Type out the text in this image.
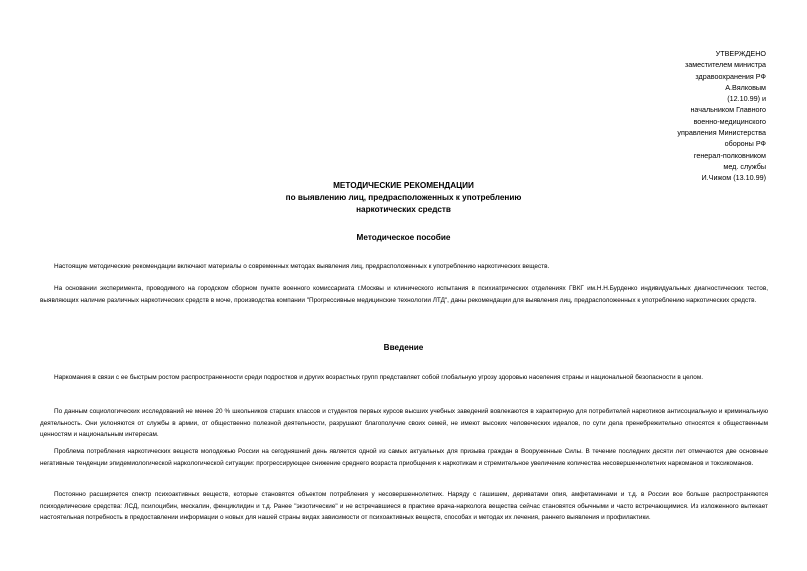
УТВЕРЖДЕНО
заместителем министра
здравоохранения РФ
А.Вялковым
(12.10.99) и
начальником Главного
военно-медицинского
управления Министерства
обороны РФ
генерал-полковником
мед. службы
И.Чижом (13.10.99)
МЕТОДИЧЕСКИЕ РЕКОМЕНДАЦИИ
по выявлению лиц, предрасположенных к употреблению
наркотических средств
Методическое пособие

Настоящие методические рекомендации включают материалы о современных методах выявления лиц, предрасположенных к употреблению наркотических веществ.

На основании эксперимента, проводимого на городском сборном пункте военного комиссариата г.Москвы и клинического испытания в психиатрических отделениях ГВКГ им.Н.Н.Бурденко индивидуальных диагностических тестов, выявляющих наличие различных наркотических средств в моче, производства компании "Прогрессивные медицинские технологии ЛТД", даны рекомендации для выявления лиц, предрасположенных к употреблению наркотических средств.

Введение

Наркомания в связи с ее быстрым ростом распространенности среди подростков и других возрастных групп представляет собой глобальную угрозу здоровью населения страны и национальной безопасности в целом.

По данным социологических исследований не менее 20 % школьников старших классов и студентов первых курсов высших учебных заведений вовлекаются в характерную для потребителей наркотиков антисоциальную и криминальную деятельность. Они уклоняются от службы в армии, от общественно полезной деятельности, разрушают благополучие своих семей, не имеют высоких человеческих идеалов, по сути дела пренебрежительно относятся к общественным ценностям и национальным интересам.

Проблема потребления наркотических веществ молодежью России на сегодняшний день является одной из самых актуальных для призыва граждан в Вооруженные Силы. В течение последних десяти лет отмечаются две основные негативные тенденции эпидемиологической наркологической ситуации: прогрессирующее снижение среднего возраста приобщения к наркотикам и стремительное увеличение количества несовершеннолетних наркоманов и токсикоманов.

Постоянно расширяется спектр психоактивных веществ, которые становятся объектом потребления у несовершеннолетних. Наряду с гашишем, дериватами опия, амфетаминами и т.д. в России все больше распространяются психоделические средства: ЛСД, псилоцибин, мескалин, фенциклидин и т.д. Ранее "экзотические" и не встречавшиеся в практике врача-нарколога вещества сейчас становятся обычными и часто встречающимися. Из изложенного вытекает настоятельная потребность в предоставлении информации о новых для нашей страны видах зависимости от психоактивных веществ, способах и методах их лечения, раннего выявления и профилактики.
